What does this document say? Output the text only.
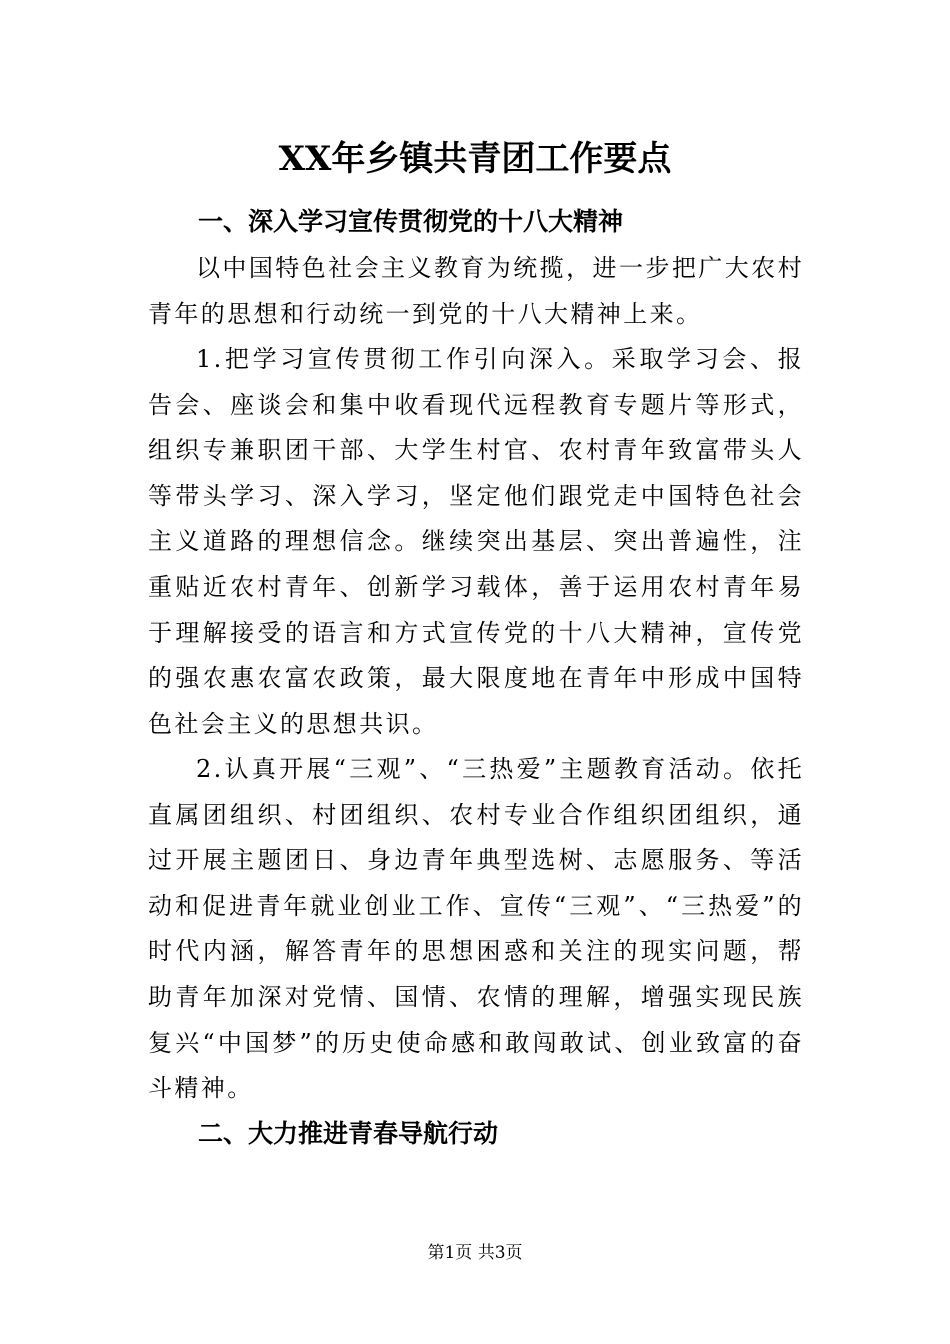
XX年乡镇共青团工作要点
一、深入学习宣传贯彻党的十八大精神

以中国特色社会主义教育为统揽，进一步把广大农村青年的思想和行动统一到党的十八大精神上来。

1.把学习宣传贯彻工作引向深入。采取学习会、报告会、座谈会和集中收看现代远程教育专题片等形式，组织专兼职团干部、大学生村官、农村青年致富带头人等带头学习、深入学习，坚定他们跟党走中国特色社会主义道路的理想信念。继续突出基层、突出普遍性，注重贴近农村青年、创新学习载体，善于运用农村青年易于理解接受的语言和方式宣传党的十八大精神，宣传党的强农惠农富农政策，最大限度地在青年中形成中国特色社会主义的思想共识。

2.认真开展“三观”、“三热爱”主题教育活动。依托直属团组织、村团组织、农村专业合作组织团组织，通过开展主题团日、身边青年典型选树、志愿服务、等活动和促进青年就业创业工作、宣传“三观”、“三热爱”的时代内涵，解答青年的思想困惑和关注的现实问题，帮助青年加深对党情、国情、农情的理解，增强实现民族复兴“中国梦”的历史使命感和敢闯敢试、创业致富的奋斗精神。

二、大力推进青春导航行动

第1页 共3页
